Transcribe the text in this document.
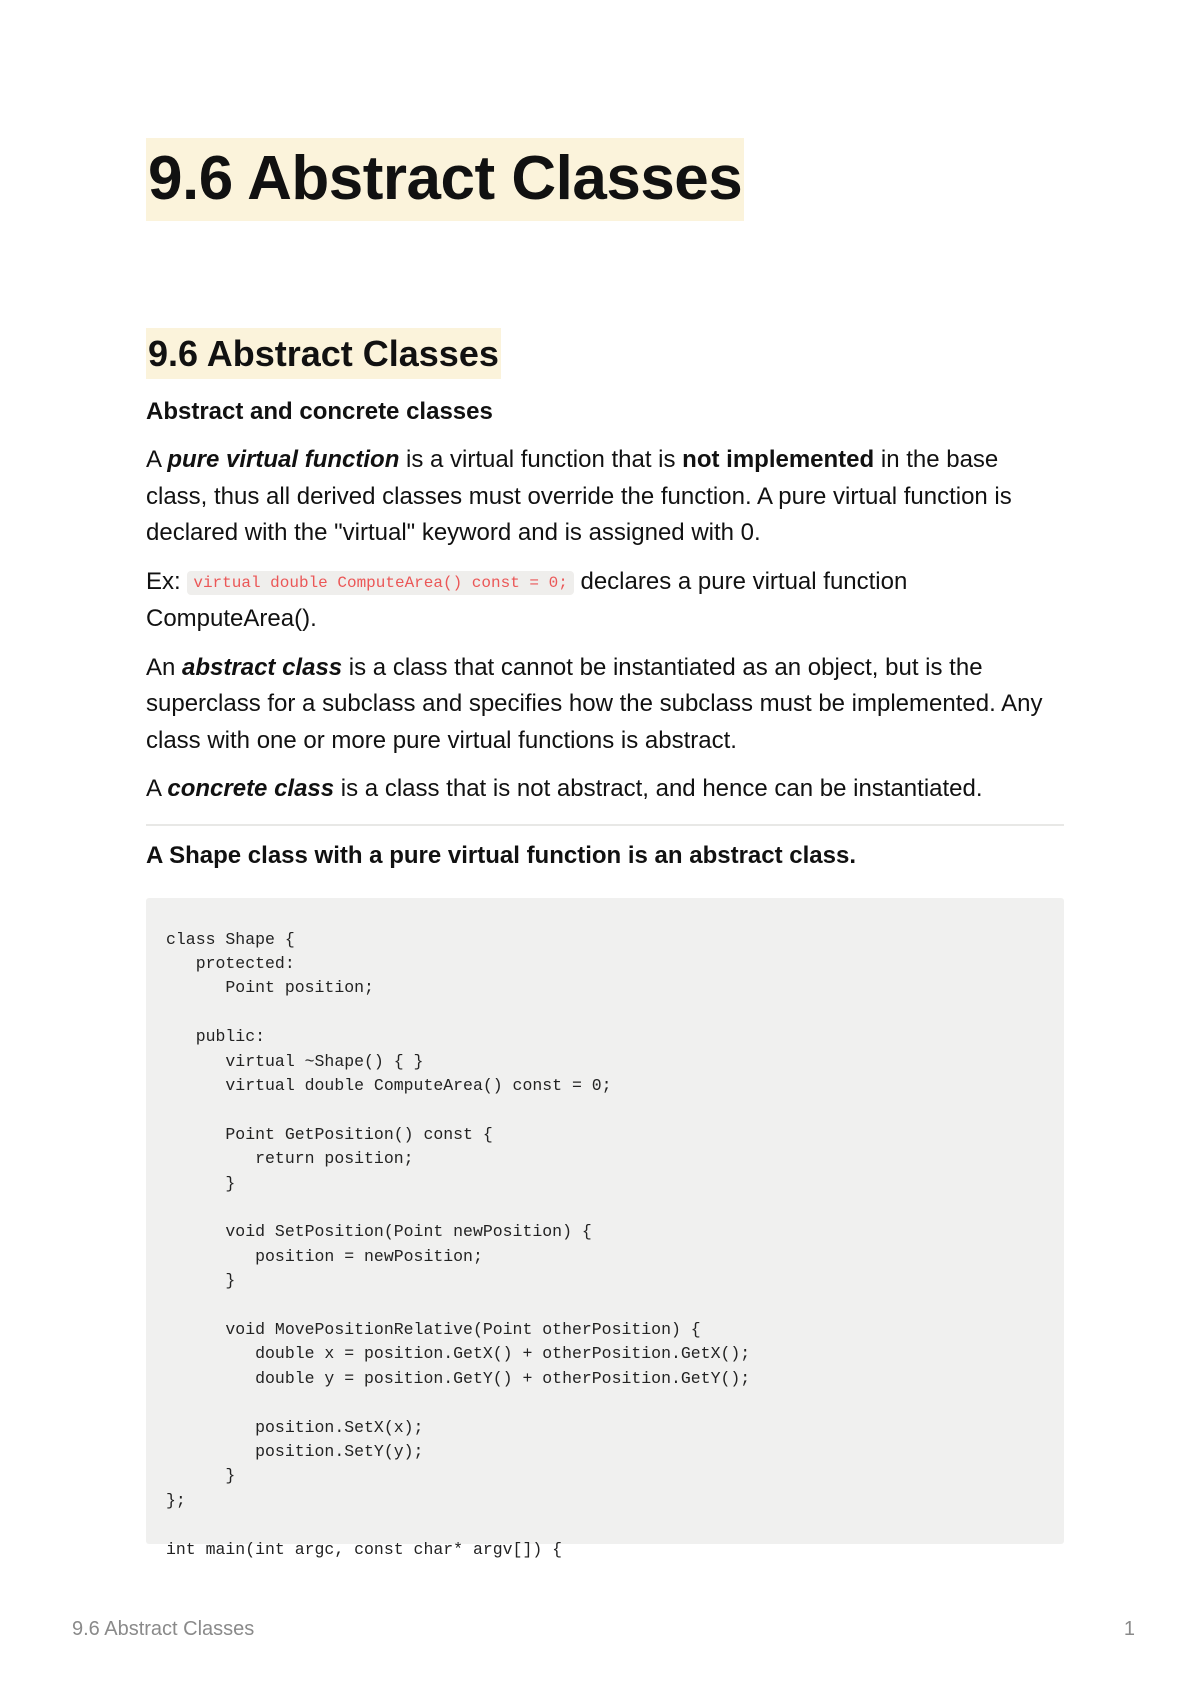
9.6 Abstract Classes
9.6 Abstract Classes
Abstract and concrete classes

A pure virtual function is a virtual function that is not implemented in the base class, thus all derived classes must override the function. A pure virtual function is declared with the "virtual" keyword and is assigned with 0.

Ex: virtual double ComputeArea() const = 0; declares a pure virtual function ComputeArea().

An abstract class is a class that cannot be instantiated as an object, but is the superclass for a subclass and specifies how the subclass must be implemented. Any class with one or more pure virtual functions is abstract.

A concrete class is a class that is not abstract, and hence can be instantiated.

A Shape class with a pure virtual function is an abstract class.
class Shape {
protected:
Point position;

public:
virtual ~Shape() { }
virtual double ComputeArea() const = 0;

Point GetPosition() const {
return position;
}

void SetPosition(Point newPosition) {
position = newPosition;
}

void MovePositionRelative(Point otherPosition) {
double x = position.GetX() + otherPosition.GetX();
double y = position.GetY() + otherPosition.GetY();

position.SetX(x);
position.SetY(y);
}
};

int main(int argc, const char* argv[]) {
9.6 Abstract Classes	1
